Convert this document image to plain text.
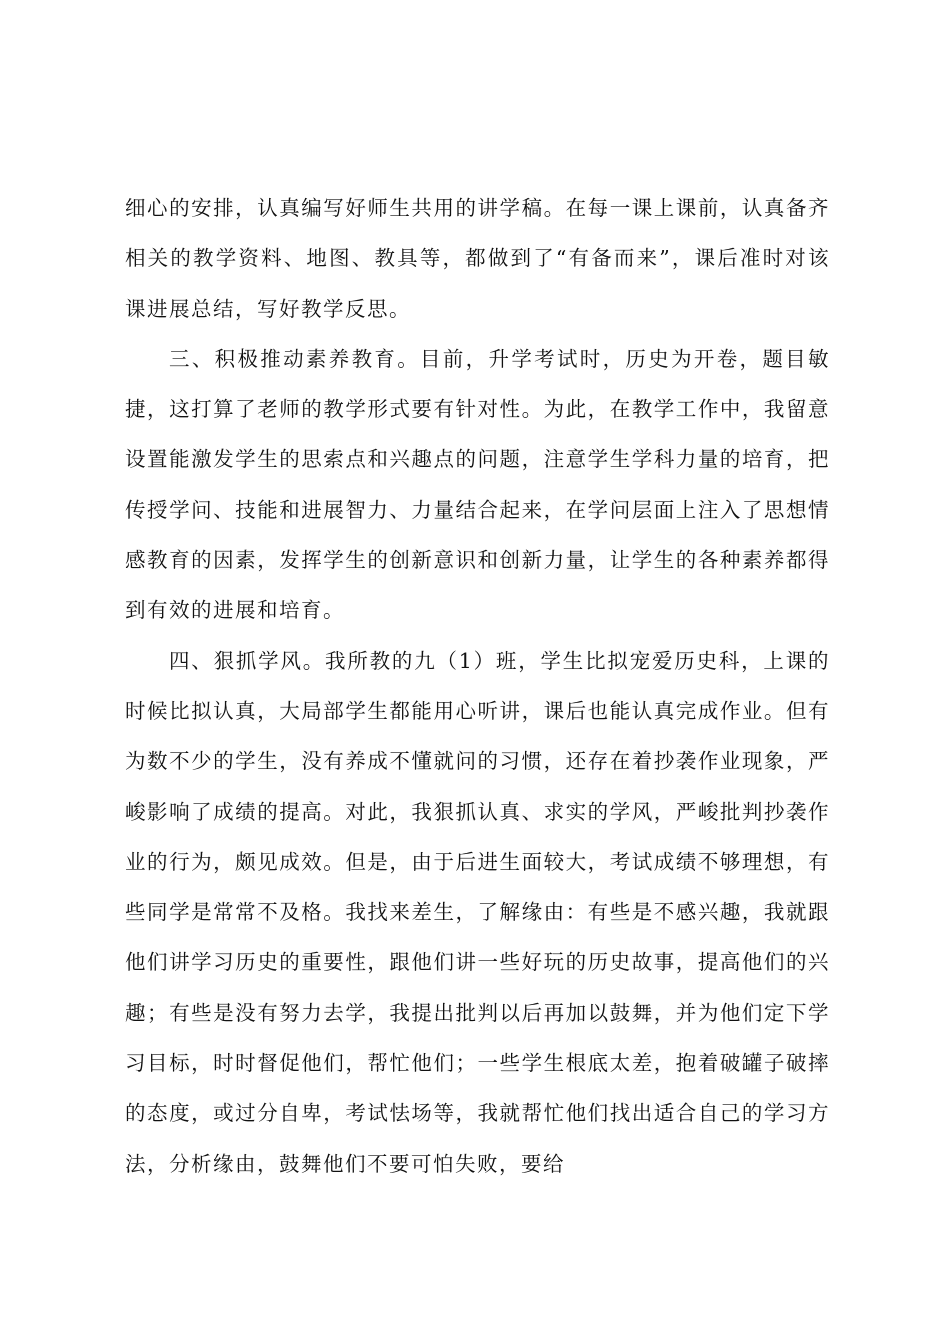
细心的安排，认真编写好师生共用的讲学稿。在每一课上课前，认真备齐相关的教学资料、地图、教具等，都做到了“有备而来”，课后准时对该课进展总结，写好教学反思。

三、积极推动素养教育。目前，升学考试时，历史为开卷，题目敏捷，这打算了老师的教学形式要有针对性。为此，在教学工作中，我留意设置能激发学生的思索点和兴趣点的问题，注意学生学科力量的培育，把传授学问、技能和进展智力、力量结合起来，在学问层面上注入了思想情感教育的因素，发挥学生的创新意识和创新力量，让学生的各种素养都得到有效的进展和培育。

四、狠抓学风。我所教的九（1）班，学生比拟宠爱历史科，上课的时候比拟认真，大局部学生都能用心听讲，课后也能认真完成作业。但有为数不少的学生，没有养成不懂就问的习惯，还存在着抄袭作业现象，严峻影响了成绩的提高。对此，我狠抓认真、求实的学风，严峻批判抄袭作业的行为，颇见成效。但是，由于后进生面较大，考试成绩不够理想，有些同学是常常不及格。我找来差生，了解缘由：有些是不感兴趣，我就跟他们讲学习历史的重要性，跟他们讲一些好玩的历史故事，提高他们的兴趣；有些是没有努力去学，我提出批判以后再加以鼓舞，并为他们定下学习目标，时时督促他们，帮忙他们；一些学生根底太差，抱着破罐子破摔的态度，或过分自卑，考试怯场等，我就帮忙他们找出适合自己的学习方法，分析缘由，鼓舞他们不要可怕失败，要给
